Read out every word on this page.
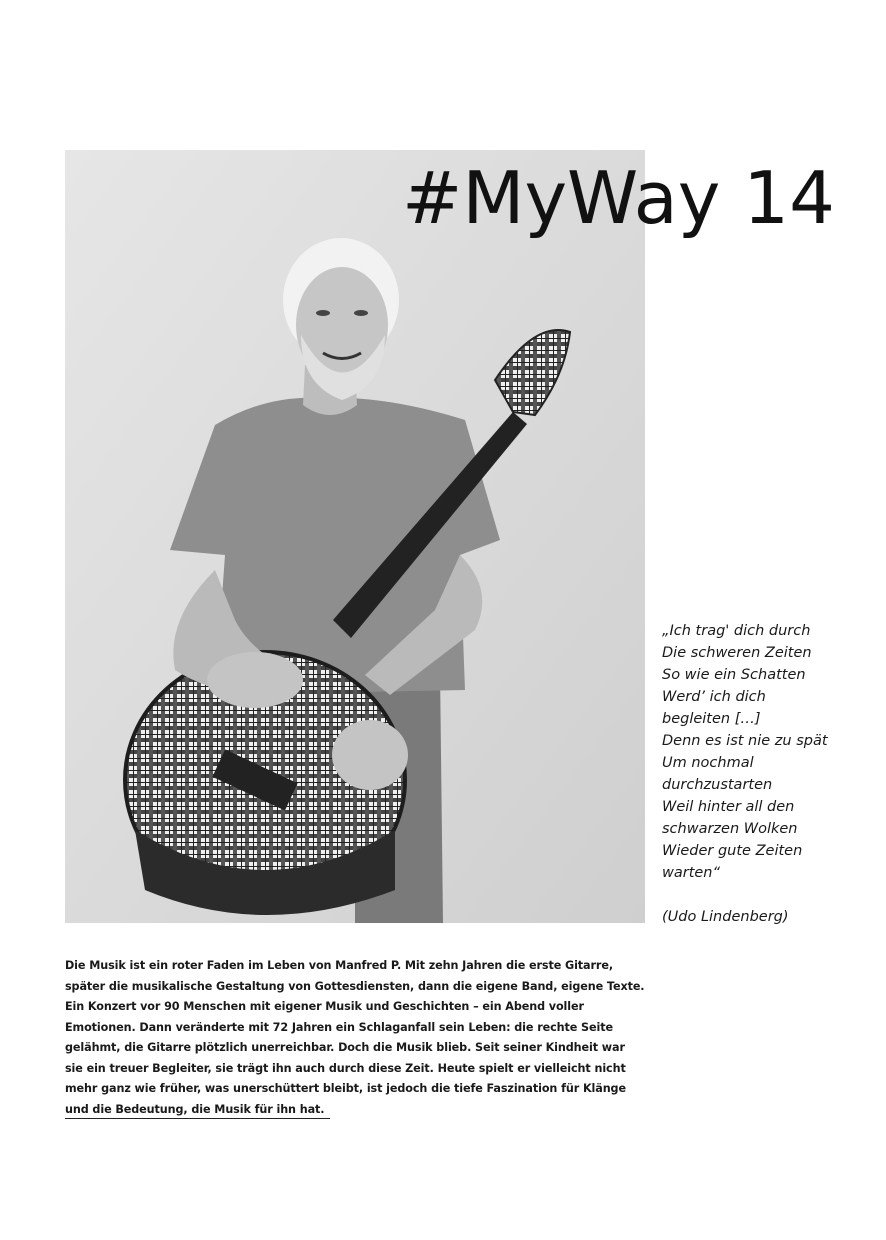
#MyWay 14
„Ich trag' dich durch
Die schweren Zeiten
So wie ein Schatten
Werd’ ich dich
begleiten […]
Denn es ist nie zu spät
Um nochmal
durchzustarten
Weil hinter all den
schwarzen Wolken
Wieder gute Zeiten
warten“
(Udo Lindenberg)

Die Musik ist ein roter Faden im Leben von Manfred P. Mit zehn Jahren die erste Gitarre, später die musikalische Gestaltung von Gottesdiensten, dann die eigene Band, eigene Texte. Ein Konzert vor 90 Menschen mit eigener Musik und Geschichten – ein Abend voller Emotionen. Dann veränderte mit 72 Jahren ein Schlaganfall sein Leben: die rechte Seite gelähmt, die Gitarre plötzlich unerreichbar. Doch die Musik blieb. Seit seiner Kindheit war sie ein treuer Begleiter, sie trägt ihn auch durch diese Zeit. Heute spielt er vielleicht nicht mehr ganz wie früher, was unerschüttert bleibt, ist jedoch die tiefe Faszination für Klänge und die Bedeutung, die Musik für ihn hat.
